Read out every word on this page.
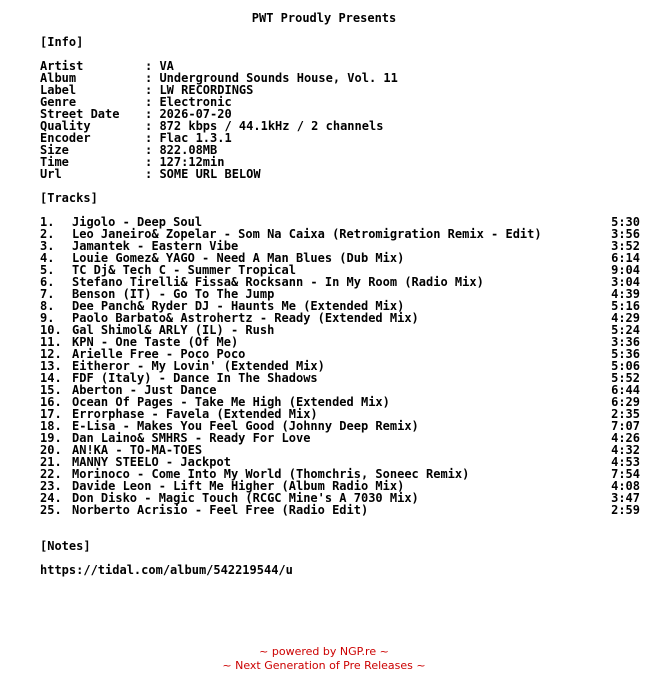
PWT Proudly Presents
[Info]
Artist	: VA
Album	: Underground Sounds House, Vol. 11
Label	: LW RECORDINGS
Genre	: Electronic
Street Date : 2026-07-20
Quality	: 872 kbps / 44.1kHz / 2 channels
Encoder	: Flac 1.3.1
Size	: 822.08MB
Time	: 127:12min
Url	: SOME URL BELOW
[Tracks]
1. Jigolo - Deep Soul	5:30
2. Leo Janeiro& Zopelar - Som Na Caixa (Retromigration Remix - Edit)	3:56
3. Jamantek - Eastern Vibe	3:52
4. Louie Gomez& YAGO - Need A Man Blues (Dub Mix)	6:14
5. TC Dj& Tech C - Summer Tropical	9:04
6. Stefano Tirelli& Fissa& Rocksann - In My Room (Radio Mix)	3:04
7. Benson (IT) - Go To The Jump	4:39
8. Dee Panch& Ryder DJ - Haunts Me (Extended Mix)	5:16
9. Paolo Barbato& Astrohertz - Ready (Extended Mix)	4:29
10. Gal Shimol& ARLY (IL) - Rush	5:24
11. KPN - One Taste (Of Me)	3:36
12. Arielle Free - Poco Poco	5:36
13. Eitheror - My Lovin' (Extended Mix)	5:06
14. FDF (Italy) - Dance In The Shadows	5:52
15. Aberton - Just Dance	6:44
16. Ocean Of Pages - Take Me High (Extended Mix)	6:29
17. Errorphase - Favela (Extended Mix)	2:35
18. E-Lisa - Makes You Feel Good (Johnny Deep Remix)	7:07
19. Dan Laino& SMHRS - Ready For Love	4:26
20. AN!KA - TO-MA-TOES	4:32
21. MANNY STEELO - Jackpot	4:53
22. Morinoco - Come Into My World (Thomchris, Soneec Remix)	7:54
23. Davide Leon - Lift Me Higher (Album Radio Mix)	4:08
24. Don Disko - Magic Touch (RCGC Mine's A 7030 Mix)	3:47
25. Norberto Acrisio - Feel Free (Radio Edit)	2:59
[Notes]
https://tidal.com/album/542219544/u
~ powered by NGP.re ~
~ Next Generation of Pre Releases ~
